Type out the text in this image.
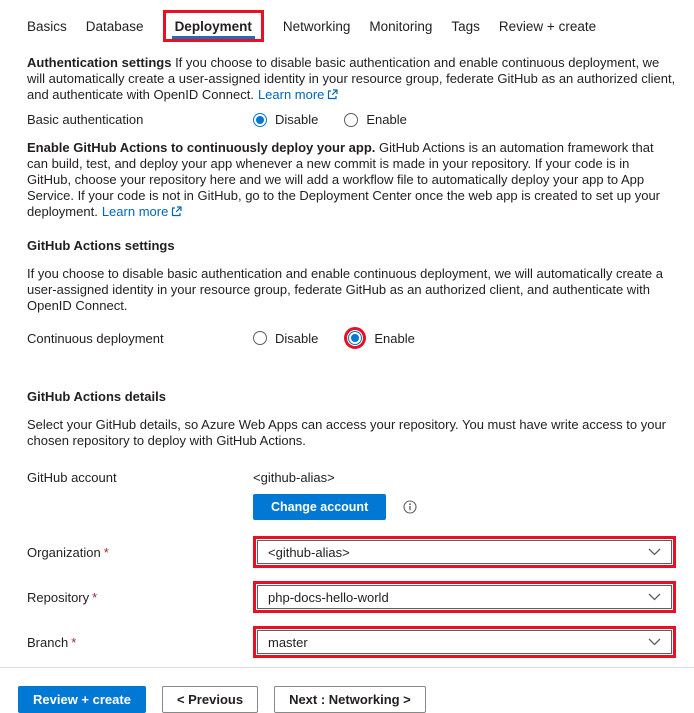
Basics Database	Deployment	Networking Monitoring Tags Review + create

Authentication settings If you choose to disable basic authentication and enable continuous deployment, we will automatically create a user-assigned identity in your resource group, federate GitHub as an authorized client, and authenticate with OpenID Connect. Learn more

Basic authentication	Disable	Enable

Enable GitHub Actions to continuously deploy your app. GitHub Actions is an automation framework that can build, test, and deploy your app whenever a new commit is made in your repository. If your code is in GitHub, choose your repository here and we will add a workflow file to automatically deploy your app to App Service. If your code is not in GitHub, go to the Deployment Center once the web app is created to set up your deployment. Learn more

GitHub Actions settings

If you choose to disable basic authentication and enable continuous deployment, we will automatically create a user-assigned identity in your resource group, federate GitHub as an authorized client, and authenticate with OpenID Connect.

Continuous deployment	Disable	Enable
GitHub Actions details

Select your GitHub details, so Azure Web Apps can access your repository. You must have write access to your chosen repository to deploy with GitHub Actions.

GitHub account	<github-alias>
Change account
Organization *	<github-alias>
Repository *	php-docs-hello-world
Branch *	master
Review + create	< Previous	Next : Networking >
